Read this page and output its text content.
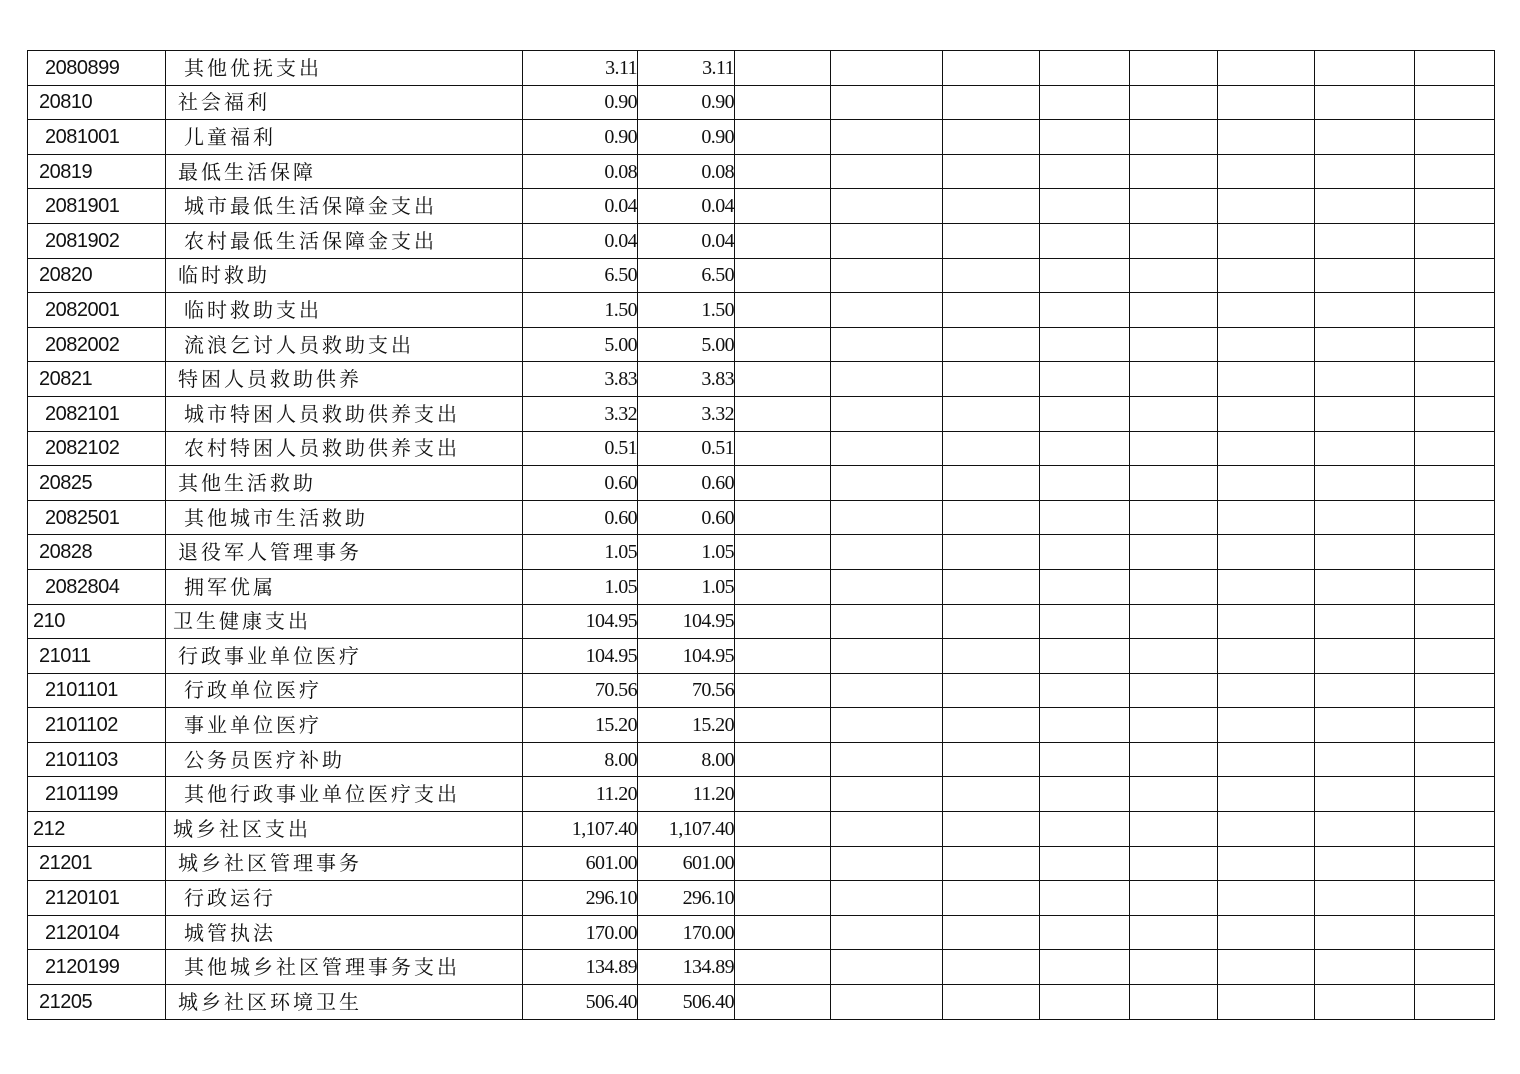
2080899	其他优抚支出	3.11	3.11								
20810	社会福利	0.90	0.90								
2081001	儿童福利	0.90	0.90								
20819	最低生活保障	0.08	0.08								
2081901	城市最低生活保障金支出	0.04	0.04								
2081902	农村最低生活保障金支出	0.04	0.04								
20820	临时救助	6.50	6.50								
2082001	临时救助支出	1.50	1.50								
2082002	流浪乞讨人员救助支出	5.00	5.00								
20821	特困人员救助供养	3.83	3.83								
2082101	城市特困人员救助供养支出	3.32	3.32								
2082102	农村特困人员救助供养支出	0.51	0.51								
20825	其他生活救助	0.60	0.60								
2082501	其他城市生活救助	0.60	0.60								
20828	退役军人管理事务	1.05	1.05								
2082804	拥军优属	1.05	1.05								
210	卫生健康支出	104.95	104.95								
21011	行政事业单位医疗	104.95	104.95								
2101101	行政单位医疗	70.56	70.56								
2101102	事业单位医疗	15.20	15.20								
2101103	公务员医疗补助	8.00	8.00								
2101199	其他行政事业单位医疗支出	11.20	11.20								
212	城乡社区支出	1,107.40	1,107.40								
21201	城乡社区管理事务	601.00	601.00								
2120101	行政运行	296.10	296.10								
2120104	城管执法	170.00	170.00								
2120199	其他城乡社区管理事务支出	134.89	134.89								
21205	城乡社区环境卫生	506.40	506.40								
